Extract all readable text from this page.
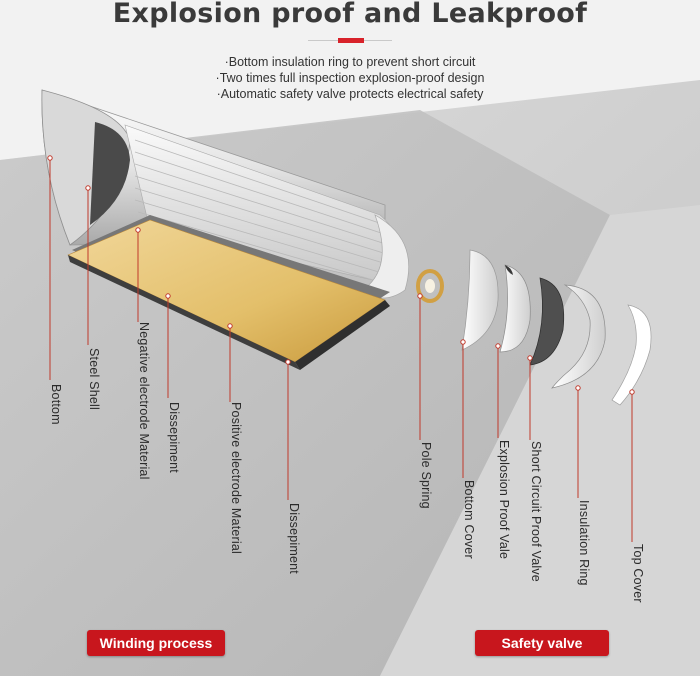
Explosion proof and Leakproof
·Bottom insulation ring to prevent short circuit
·Two times full inspection explosion-proof design
·Automatic safety valve protects electrical safety
Bottom Steel Shell	Negative electrode Material Dissepiment	Positive electrode Material	Dissepiment
Pole Spring
Bottom Cover Explosion Proof Vale Short Circuit Proof Valve	Insulation Ring	Top Cover
Winding process	Safety valve
